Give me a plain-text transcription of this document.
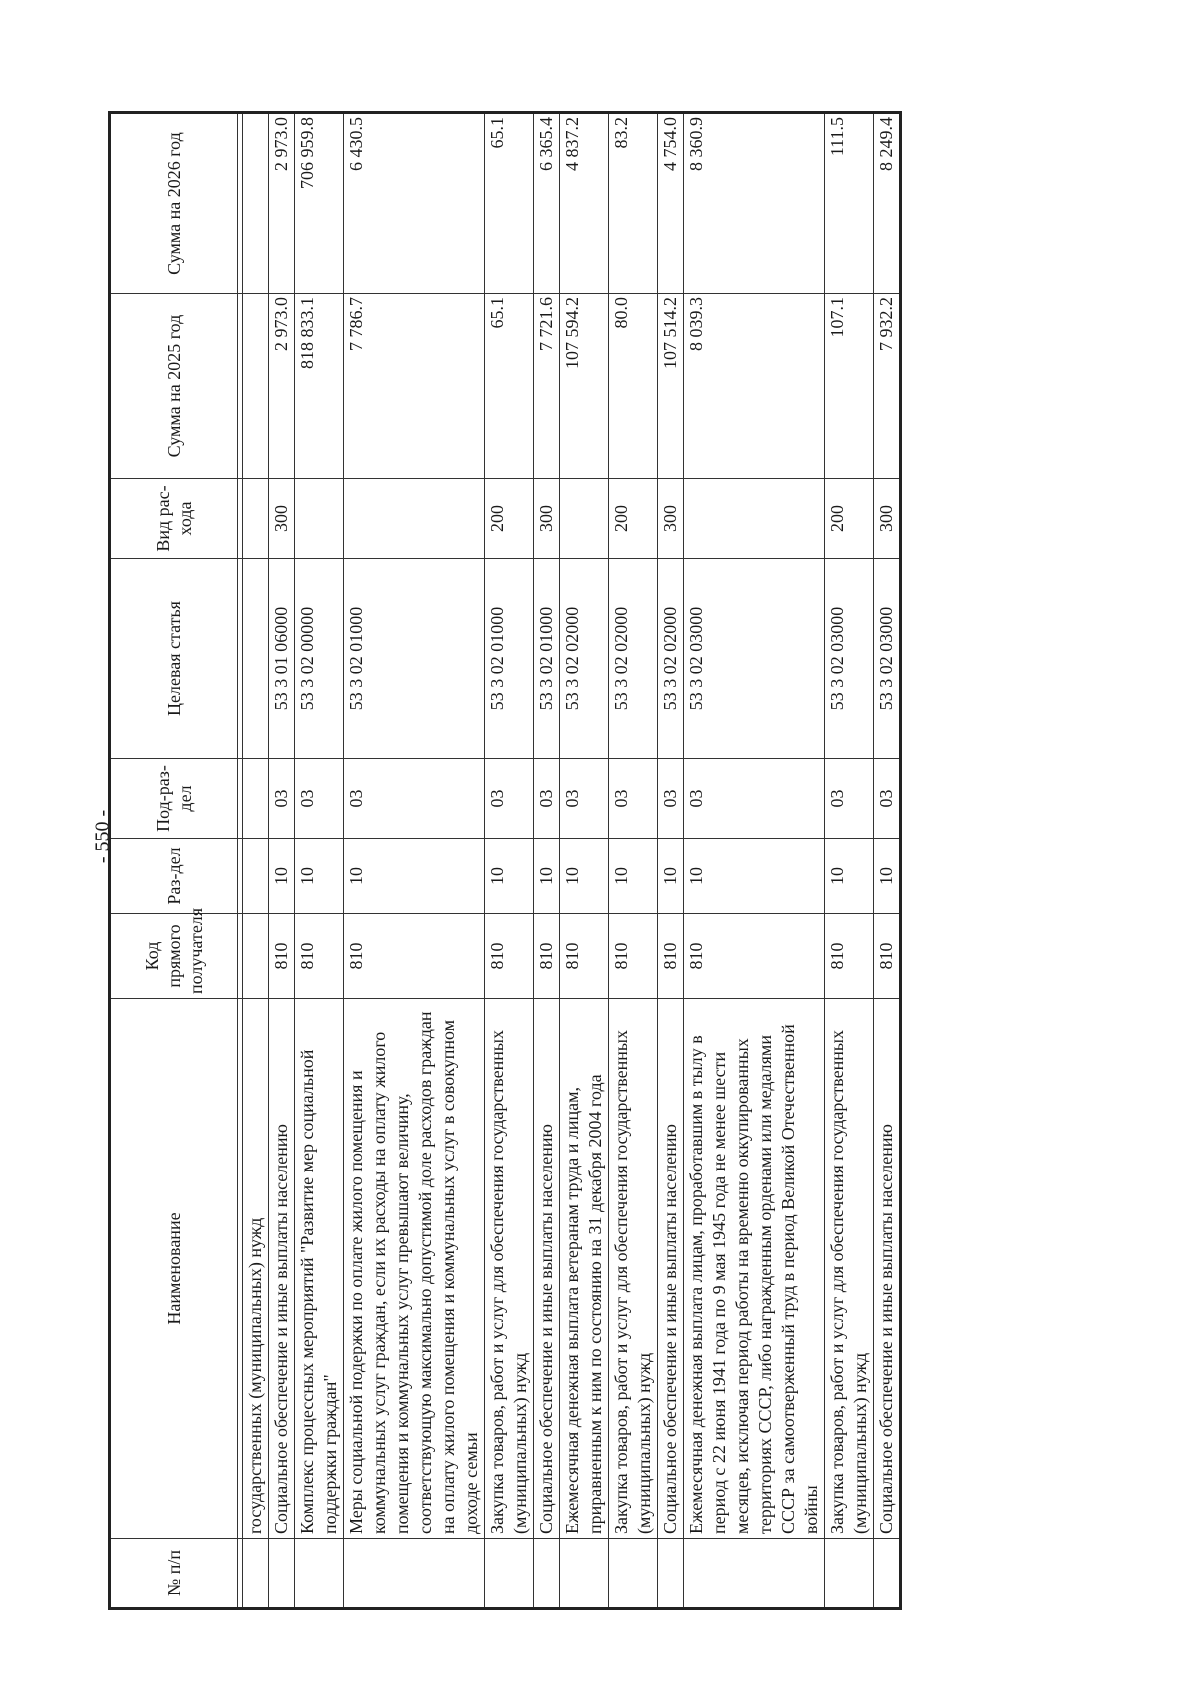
- 550 -
№ п/п	Наименование	Код прямого получателя	Раз-дел	Под-раз-дел	Целевая статья	Вид рас-хода	Сумма на 2025 год	Сумма на 2026 год

	государственных (муниципальных) нужд							
	Социальное обеспечение и иные выплаты населению	810	10	03	53 3 01 06000	300	2 973.0	2 973.0
	Комплекс процессных мероприятий "Развитие мер социальной поддержки граждан"	810	10	03	53 3 02 00000		818 833.1	706 959.8
	Меры социальной подержки по оплате жилого помещения и коммунальных услуг граждан, если их расходы на оплату жилого помещения и коммунальных услуг превышают величину, соответствующую максимально допустимой доле расходов граждан на оплату жилого помещения и коммунальных услуг в совокупном доходе семьи	810	10	03	53 3 02 01000		7 786.7	6 430.5
	Закупка товаров, работ и услуг для обеспечения государственных (муниципальных) нужд	810	10	03	53 3 02 01000	200	65.1	65.1
	Социальное обеспечение и иные выплаты населению	810	10	03	53 3 02 01000	300	7 721.6	6 365.4
	Ежемесячная денежная выплата ветеранам труда и лицам, приравненным к ним по состоянию на 31 декабря 2004 года	810	10	03	53 3 02 02000		107 594.2	4 837.2
	Закупка товаров, работ и услуг для обеспечения государственных (муниципальных) нужд	810	10	03	53 3 02 02000	200	80.0	83.2
	Социальное обеспечение и иные выплаты населению	810	10	03	53 3 02 02000	300	107 514.2	4 754.0
	Ежемесячная денежная выплата лицам, проработавшим в тылу в период с 22 июня 1941 года по 9 мая 1945 года не менее шести месяцев, исключая период работы на временно оккупированных территориях СССР, либо награжденным орденами или медалями СССР за самоотверженный труд в период Великой Отечественной войны	810	10	03	53 3 02 03000		8 039.3	8 360.9
	Закупка товаров, работ и услуг для обеспечения государственных (муниципальных) нужд	810	10	03	53 3 02 03000	200	107.1	111.5
	Социальное обеспечение и иные выплаты населению	810	10	03	53 3 02 03000	300	7 932.2	8 249.4
